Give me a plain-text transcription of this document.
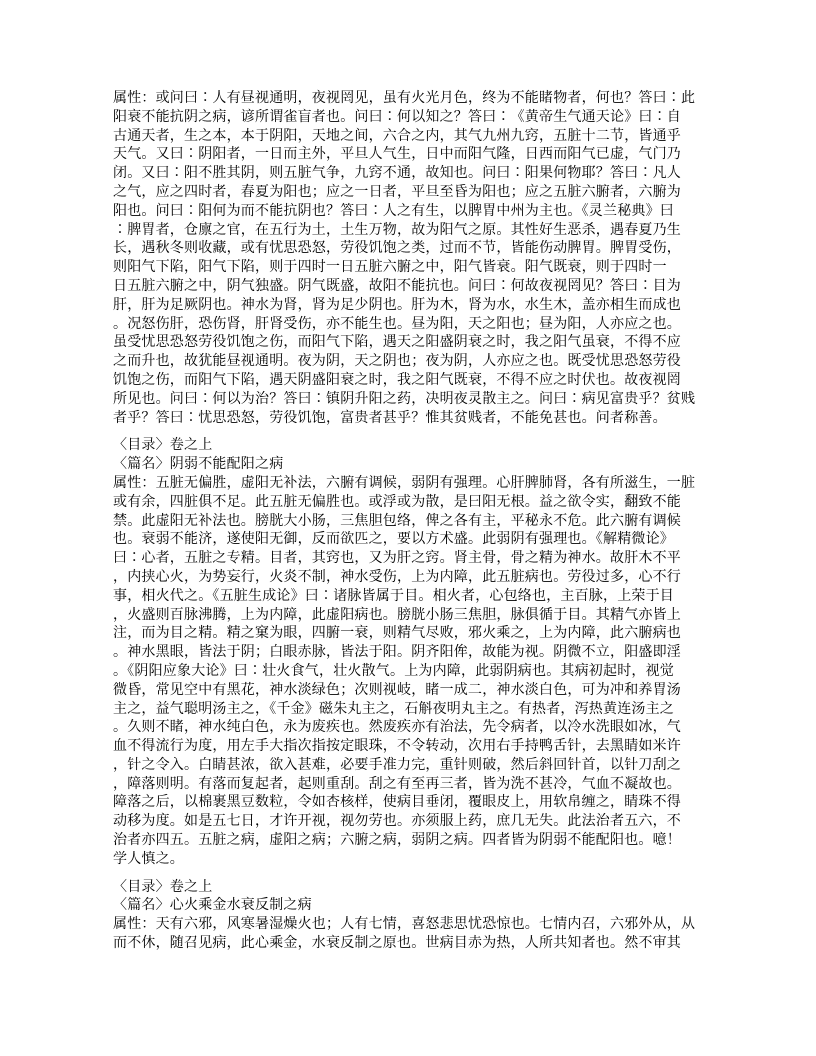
属性：或问曰∶人有昼视通明，夜视罔见，虽有火光月色，终为不能睹物者，何也？答曰∶此
阳衰不能抗阴之病，谚所谓雀盲者也。问曰∶何以知之？答曰∶《黄帝生气通天论》曰∶自
古通天者，生之本，本于阴阳，天地之间，六合之内，其气九州九窍，五脏十二节，皆通乎
天气。又曰∶阴阳者，一日而主外，平旦人气生，日中而阳气隆，日西而阳气已虚，气门乃
闭。又曰∶阳不胜其阴，则五脏气争，九窍不通，故知也。问曰∶阳果何物耶？答曰∶凡人
之气，应之四时者，春夏为阳也；应之一日者，平旦至昏为阳也；应之五脏六腑者，六腑为
阳也。问曰∶阳何为而不能抗阴也？答曰∶人之有生，以脾胃中州为主也。《灵兰秘典》曰
∶脾胃者，仓廪之官，在五行为土，土生万物，故为阳气之原。其性好生恶杀，遇春夏乃生
长，遇秋冬则收藏，或有忧思恐怒，劳役饥饱之类，过而不节，皆能伤动脾胃。脾胃受伤，
则阳气下陷，阳气下陷，则于四时一日五脏六腑之中，阳气皆衰。阳气既衰，则于四时一
日五脏六腑之中，阴气独盛。阴气既盛，故阳不能抗也。问曰∶何故夜视罔见？答曰∶目为
肝，肝为足厥阴也。神水为肾，肾为足少阴也。肝为木，肾为水，水生木，盖亦相生而成也
。况怒伤肝，恐伤肾，肝肾受伤，亦不能生也。昼为阳，天之阳也；昼为阳，人亦应之也。
虽受忧思恐怒劳役饥饱之伤，而阳气下陷，遇天之阳盛阴衰之时，我之阳气虽衰，不得不应
之而升也，故犹能昼视通明。夜为阴，天之阴也；夜为阴，人亦应之也。既受忧思恐怒劳役
饥饱之伤，而阳气下陷，遇天阴盛阳衰之时，我之阳气既衰，不得不应之时伏也。故夜视罔
所见也。问曰∶何以为治？答曰∶镇阴升阳之药，决明夜灵散主之。问曰∶病见富贵乎？贫贱
者乎？答曰∶忧思恐怒，劳役饥饱，富贵者甚乎？惟其贫贱者，不能免甚也。问者称善。
〈目录〉卷之上
〈篇名〉阴弱不能配阳之病
属性：五脏无偏胜，虚阳无补法，六腑有调候，弱阴有强理。心肝脾肺肾，各有所滋生，一脏
或有余，四脏俱不足。此五脏无偏胜也。或浮或为散，是曰阳无根。益之欲令实，翻致不能
禁。此虚阳无补法也。膀胱大小肠，三焦胆包络，俾之各有主，平秘永不危。此六腑有调候
也。衰弱不能济，遂使阳无御，反而欲匹之，要以方术盛。此弱阴有强理也。《解精微论》
曰∶心者，五脏之专精。目者，其窍也，又为肝之窍。肾主骨，骨之精为神水。故肝木不平
，内挟心火，为势妄行，火炎不制，神水受伤，上为内障，此五脏病也。劳役过多，心不行
事，相火代之。《五脏生成论》曰∶诸脉皆属于目。相火者，心包络也，主百脉，上荣于目
，火盛则百脉沸腾，上为内障，此虚阳病也。膀胱小肠三焦胆，脉俱循于目。其精气亦皆上
注，而为目之精。精之窠为眼，四腑一衰，则精气尽败，邪火乘之，上为内障，此六腑病也
。神水黑眼，皆法于阴；白眼赤脉，皆法于阳。阴齐阳侔，故能为视。阴微不立，阳盛即淫
。《阴阳应象大论》曰∶壮火食气，壮火散气。上为内障，此弱阴病也。其病初起时，视觉
微昏，常见空中有黑花，神水淡绿色；次则视岐，睹一成二，神水淡白色，可为冲和养胃汤
主之，益气聪明汤主之，《千金》磁朱丸主之，石斛夜明丸主之。有热者，泻热黄连汤主之
。久则不睹，神水纯白色，永为废疾也。然废疾亦有治法，先令病者，以冷水洗眼如冰，气
血不得流行为度，用左手大指次指按定眼珠，不令转动，次用右手持鸭舌针，去黑睛如米许
，针之令入。白睛甚浓，欲入甚难，必要手准力完，重针则破，然后斜回针首，以针刀刮之
，障落则明。有落而复起者，起则重刮。刮之有至再三者，皆为洗不甚冷，气血不凝故也。
障落之后，以棉裹黑豆数粒，令如杏核样，使病目垂闭，覆眼皮上，用软帛缠之，睛珠不得
动移为度。如是五七日，才许开视，视勿劳也。亦须服上药，庶几无失。此法治者五六，不
治者亦四五。五脏之病，虚阳之病；六腑之病，弱阴之病。四者皆为阴弱不能配阳也。噫！
学人慎之。
〈目录〉卷之上
〈篇名〉心火乘金水衰反制之病
属性：天有六邪，风寒暑湿燥火也；人有七情，喜怒悲思忧恐惊也。七情内召，六邪外从，从
而不休，随召见病，此心乘金，水衰反制之原也。世病目赤为热，人所共知者也。然不审其
